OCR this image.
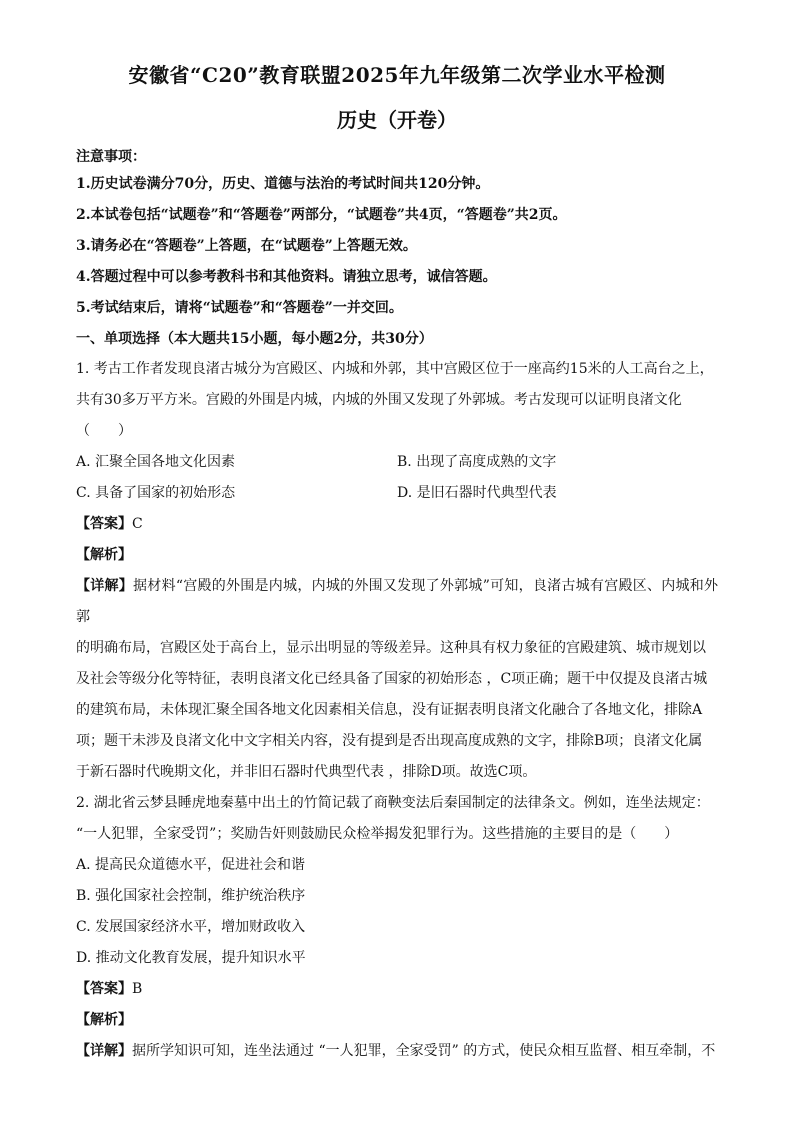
安徽省“C20”教育联盟2025年九年级第二次学业水平检测
历史（开卷）

注意事项：

1.历史试卷满分70分，历史、道德与法治的考试时间共120分钟。

2.本试卷包括“试题卷”和“答题卷”两部分，“试题卷”共4页，“答题卷”共2页。

3.请务必在“答题卷”上答题，在“试题卷”上答题无效。

4.答题过程中可以参考教科书和其他资料。请独立思考，诚信答题。

5.考试结束后，请将“试题卷”和“答题卷”一并交回。

一、单项选择（本大题共15小题，每小题2分，共30分）

1. 考古工作者发现良渚古城分为宫殿区、内城和外郭，其中宫殿区位于一座高约15米的人工高台之上，

共有30多万平方米。宫殿的外围是内城，内城的外围又发现了外郭城。考古发现可以证明良渚文化

（　　）

A. 汇聚全国各地文化因素	B. 出现了高度成熟的文字
C. 具备了国家的初始形态	D. 是旧石器时代典型代表

【答案】C

【解析】

【详解】据材料“宫殿的外围是内城，内城的外围又发现了外郭城”可知，良渚古城有宫殿区、内城和外郭

的明确布局，宫殿区处于高台上，显示出明显的等级差异。这种具有权力象征的宫殿建筑、城市规划以

及社会等级分化等特征，表明良渚文化已经具备了国家的初始形态 ，C项正确；题干中仅提及良渚古城

的建筑布局，未体现汇聚全国各地文化因素相关信息，没有证据表明良渚文化融合了各地文化，排除A

项；题干未涉及良渚文化中文字相关内容，没有提到是否出现高度成熟的文字，排除B项；良渚文化属

于新石器时代晚期文化，并非旧石器时代典型代表 ，排除D项。故选C项。

2. 湖北省云梦县睡虎地秦墓中出土的竹简记载了商鞅变法后秦国制定的法律条文。例如，连坐法规定：

“一人犯罪，全家受罚”；奖励告奸则鼓励民众检举揭发犯罪行为。这些措施的主要目的是（　　）

A. 提高民众道德水平，促进社会和谐

B. 强化国家社会控制，维护统治秩序

C. 发展国家经济水平，增加财政收入

D. 推动文化教育发展，提升知识水平

【答案】B

【解析】

【详解】据所学知识可知，连坐法通过 “一人犯罪，全家受罚” 的方式，使民众相互监督、相互牵制，不
